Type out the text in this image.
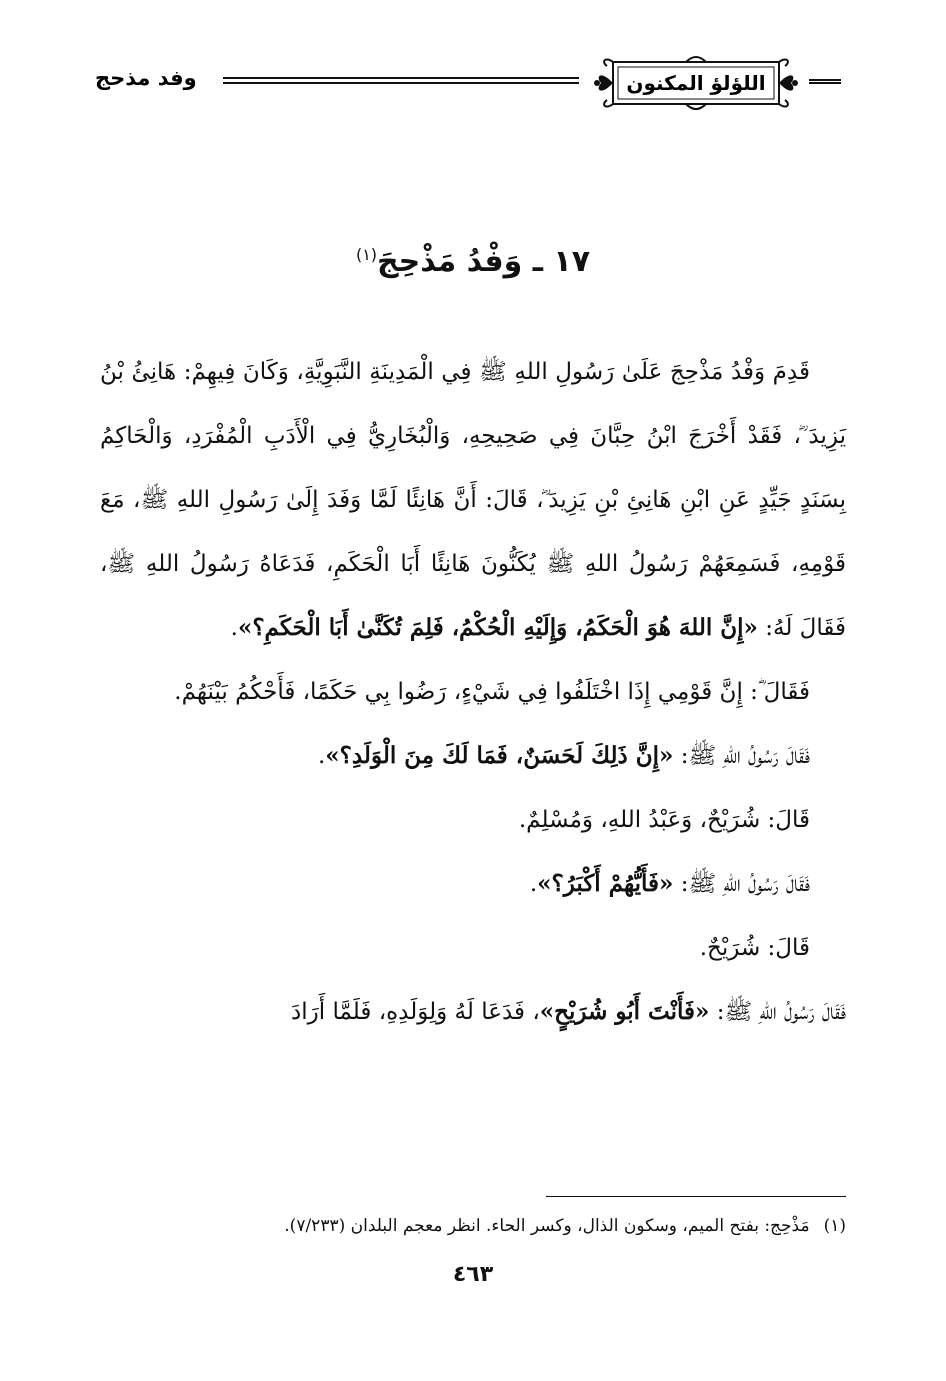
اللؤلؤ المكنون
وفد مذحج
١٧ ـ وَفْدُ مَذْحِجَ$^{(١)}$

قَدِمَ وَفْدُ مَذْحِجَ عَلَىٰ رَسُولِ اللهِ ﷺ فِي الْمَدِينَةِ النَّبَوِيَّةِ، وَكَانَ فِيهِمْ: هَانِئُ بْنُ يَزِيدَ ؓ، فَقَدْ أَخْرَجَ ابْنُ حِبَّانَ فِي صَحِيحِهِ، وَالْبُخَارِيُّ فِي الْأَدَبِ الْمُفْرَدِ، وَالْحَاكِمُ بِسَنَدٍ جَيِّدٍ عَنِ ابْنِ هَانِئِ بْنِ يَزِيدَ ؓ، قَالَ: أَنَّ هَانِئًا لَمَّا وَفَدَ إِلَىٰ رَسُولِ اللهِ ﷺ، مَعَ قَوْمِهِ، فَسَمِعَهُمْ رَسُولُ اللهِ ﷺ يُكَنُّونَ هَانِئًا أَبَا الْحَكَمِ، فَدَعَاهُ رَسُولُ اللهِ ﷺ، فَقَالَ لَهُ: «إِنَّ اللهَ هُوَ الْحَكَمُ، وَإِلَيْهِ الْحُكْمُ، فَلِمَ تُكَنَّىٰ أَبَا الْحَكَمِ؟».

فَقَالَ ؓ: إِنَّ قَوْمِي إِذَا اخْتَلَفُوا فِي شَيْءٍ، رَضُوا بِي حَكَمًا، فَأَحْكُمُ بَيْنَهُمْ.

فَقَالَ رَسُولُ اللهِ ﷺ: «إِنَّ ذَلِكَ لَحَسَنٌ، فَمَا لَكَ مِنَ الْوَلَدِ؟».

قَالَ: شُرَيْحٌ، وَعَبْدُ اللهِ، وَمُسْلِمٌ.

فَقَالَ رَسُولُ اللهِ ﷺ: «فَأَيُّهُمْ أَكْبَرُ؟».

قَالَ: شُرَيْحٌ.

فَقَالَ رَسُولُ اللهِ ﷺ: «فَأَنْتَ أَبُو شُرَيْحٍ»، فَدَعَا لَهُ وَلِوَلَدِهِ، فَلَمَّا أَرَادَ

(١)مَذْحِج: بفتح الميم، وسكون الذال، وكسر الحاء. انظر معجم البلدان (٧/٢٣٣).
٤٦٣
